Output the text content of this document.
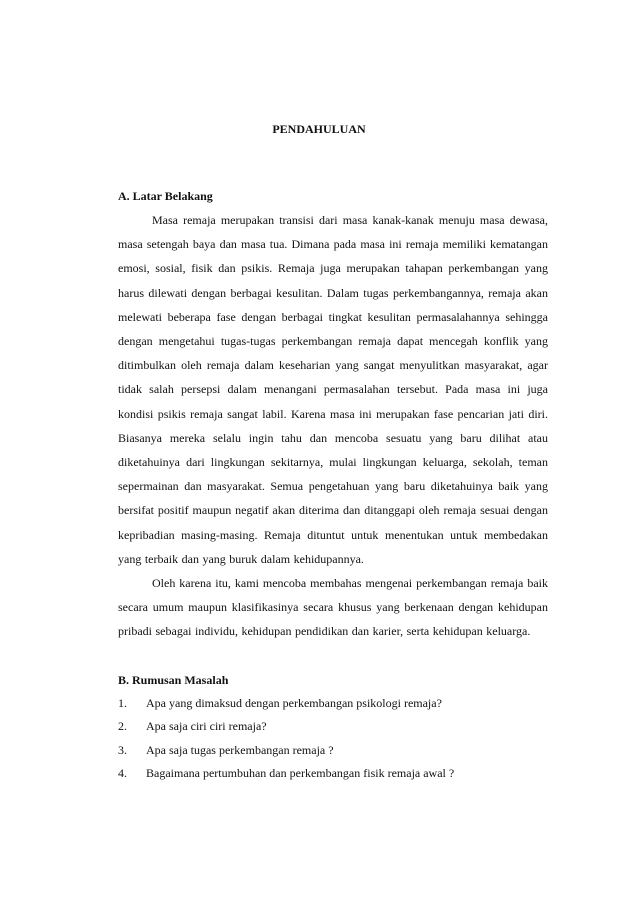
PENDAHULUAN
A. Latar Belakang

Masa remaja merupakan transisi dari masa kanak-kanak menuju masa dewasa, masa setengah baya dan masa tua. Dimana pada masa ini remaja memiliki kematangan emosi, sosial, fisik dan psikis. Remaja juga merupakan tahapan perkembangan yang harus dilewati dengan berbagai kesulitan. Dalam tugas perkembangannya, remaja akan melewati beberapa fase dengan berbagai tingkat kesulitan permasalahannya sehingga dengan mengetahui tugas-tugas perkembangan remaja dapat mencegah konflik yang ditimbulkan oleh remaja dalam keseharian yang sangat menyulitkan masyarakat, agar tidak salah persepsi dalam menangani permasalahan tersebut. Pada masa ini juga kondisi psikis remaja sangat labil. Karena masa ini merupakan fase pencarian jati diri. Biasanya mereka selalu ingin tahu dan mencoba sesuatu yang baru dilihat atau diketahuinya dari lingkungan sekitarnya, mulai lingkungan keluarga, sekolah, teman sepermainan dan masyarakat. Semua pengetahuan yang baru diketahuinya baik yang bersifat positif maupun negatif akan diterima dan ditanggapi oleh remaja sesuai dengan kepribadian masing-masing. Remaja dituntut untuk menentukan untuk membedakan yang terbaik dan yang buruk dalam kehidupannya.

Oleh karena itu, kami mencoba membahas mengenai perkembangan remaja baik secara umum maupun klasifikasinya secara khusus yang berkenaan dengan kehidupan pribadi sebagai individu, kehidupan pendidikan dan karier, serta kehidupan keluarga.

B. Rumusan Masalah
1. Apa yang dimaksud dengan perkembangan psikologi remaja?
2. Apa saja ciri ciri remaja?
3. Apa saja tugas perkembangan remaja ?
4. Bagaimana pertumbuhan dan perkembangan fisik remaja awal ?
